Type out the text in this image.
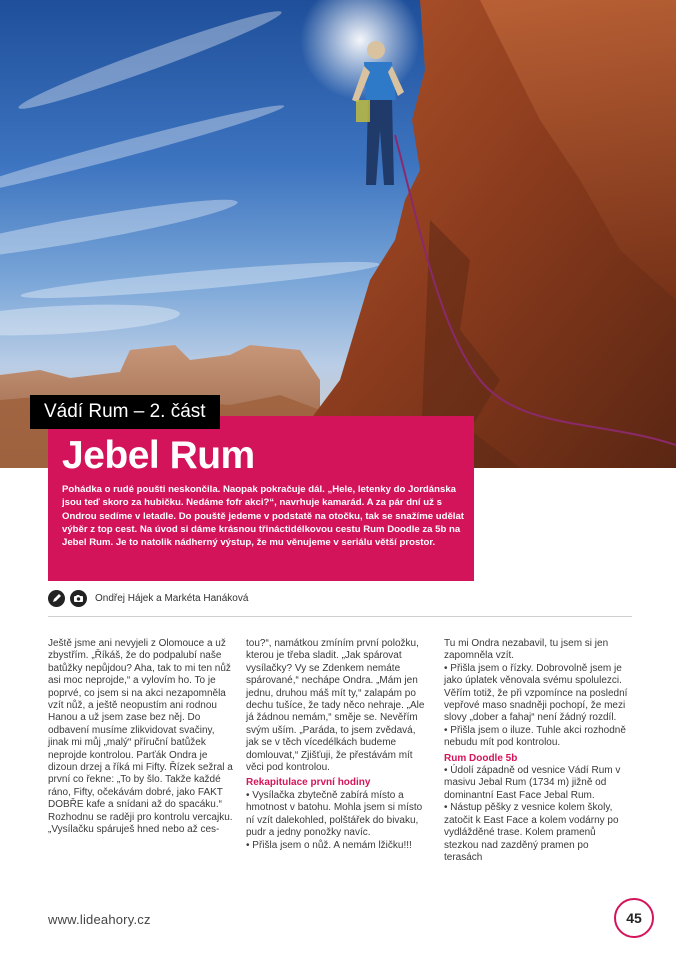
Vádí Rum – 2. část
Jebel Rum
Pohádka o rudé poušti neskončila. Naopak pokračuje dál. „Hele, letenky do Jordánska jsou teď skoro za hubičku. Nedáme fofr akci?“, navrhuje kamarád. A za pár dní už s Ondrou sedíme v letadle. Do pouště jedeme v podstatě na otočku, tak se snažíme udělat výběr z top cest. Na úvod si dáme krásnou třináctidélkovou cestu Rum Doodle za 5b na Jebel Rum. Je to natolik nádherný výstup, že mu věnujeme v seriálu větší prostor.
Ondřej Hájek a Markéta Hanáková

Ještě jsme ani nevyjeli z Olomouce a už zbystřím. „Říkáš, že do podpalubí naše batůžky nepůjdou? Aha, tak to mi ten nůž asi moc neprojde,“ a vylovím ho. To je poprvé, co jsem si na akci nezapomněla vzít nůž, a ještě neopustím ani rodnou Hanou a už jsem zase bez něj. Do odbavení musíme zlikvidovat svačiny, jinak mi můj „malý“ příruční batůžek neprojde kontrolou. Parťák Ondra je dizoun drzej a říká mi Fifty. Řízek sežral a první co řekne: „To by šlo. Takže každé ráno, Fifty, očekávám dobré, jako FAKT DOBŘE kafe a snídani až do spacáku.“ Rozhodnu se raději pro kontrolu vercajku. „Vysílačku spáruješ hned nebo až ces-

tou?“, namátkou zmíním první položku, kterou je třeba sladit. „Jak spárovat vysílačky? Vy se Zdenkem nemáte spárované,“ nechápe Ondra. „Mám jen jednu, druhou máš mít ty,“ zalapám po dechu tušíce, že tady něco nehraje. „Ale já žádnou nemám,“ směje se. Nevěřím svým uším. „Paráda, to jsem zvědavá, jak se v těch vícedélkách budeme domlouvat,“ Zjišťuji, že přestávám mít věci pod kontrolou.

Rekapitulace první hodiny

• Vysílačka zbytečně zabírá místo a hmotnost v batohu. Mohla jsem si místo ní vzít dalekohled, polštářek do bivaku, pudr a jedny ponožky navíc.

• Přišla jsem o nůž. A nemám lžičku!!!

Tu mi Ondra nezabavil, tu jsem si jen zapomněla vzít.

• Přišla jsem o řízky. Dobrovolně jsem je jako úplatek věnovala svému spolulezci. Věřím totiž, že při vzpomínce na poslední vepřové maso snadněji pochopí, že mezi slovy „dober a fahaj“ není žádný rozdíl.

• Přišla jsem o iluze. Tuhle akci rozhodně nebudu mít pod kontrolou.

Rum Doodle 5b

• Údolí západně od vesnice Vádí Rum v masivu Jebal Rum (1734 m) jižně od dominantní East Face Jebal Rum.

• Nástup pěšky z vesnice kolem školy, zatočit k East Face a kolem vodárny po vydlážděné trase. Kolem pramenů stezkou nad zazděný pramen po terasách

www.lideahory.cz	45
